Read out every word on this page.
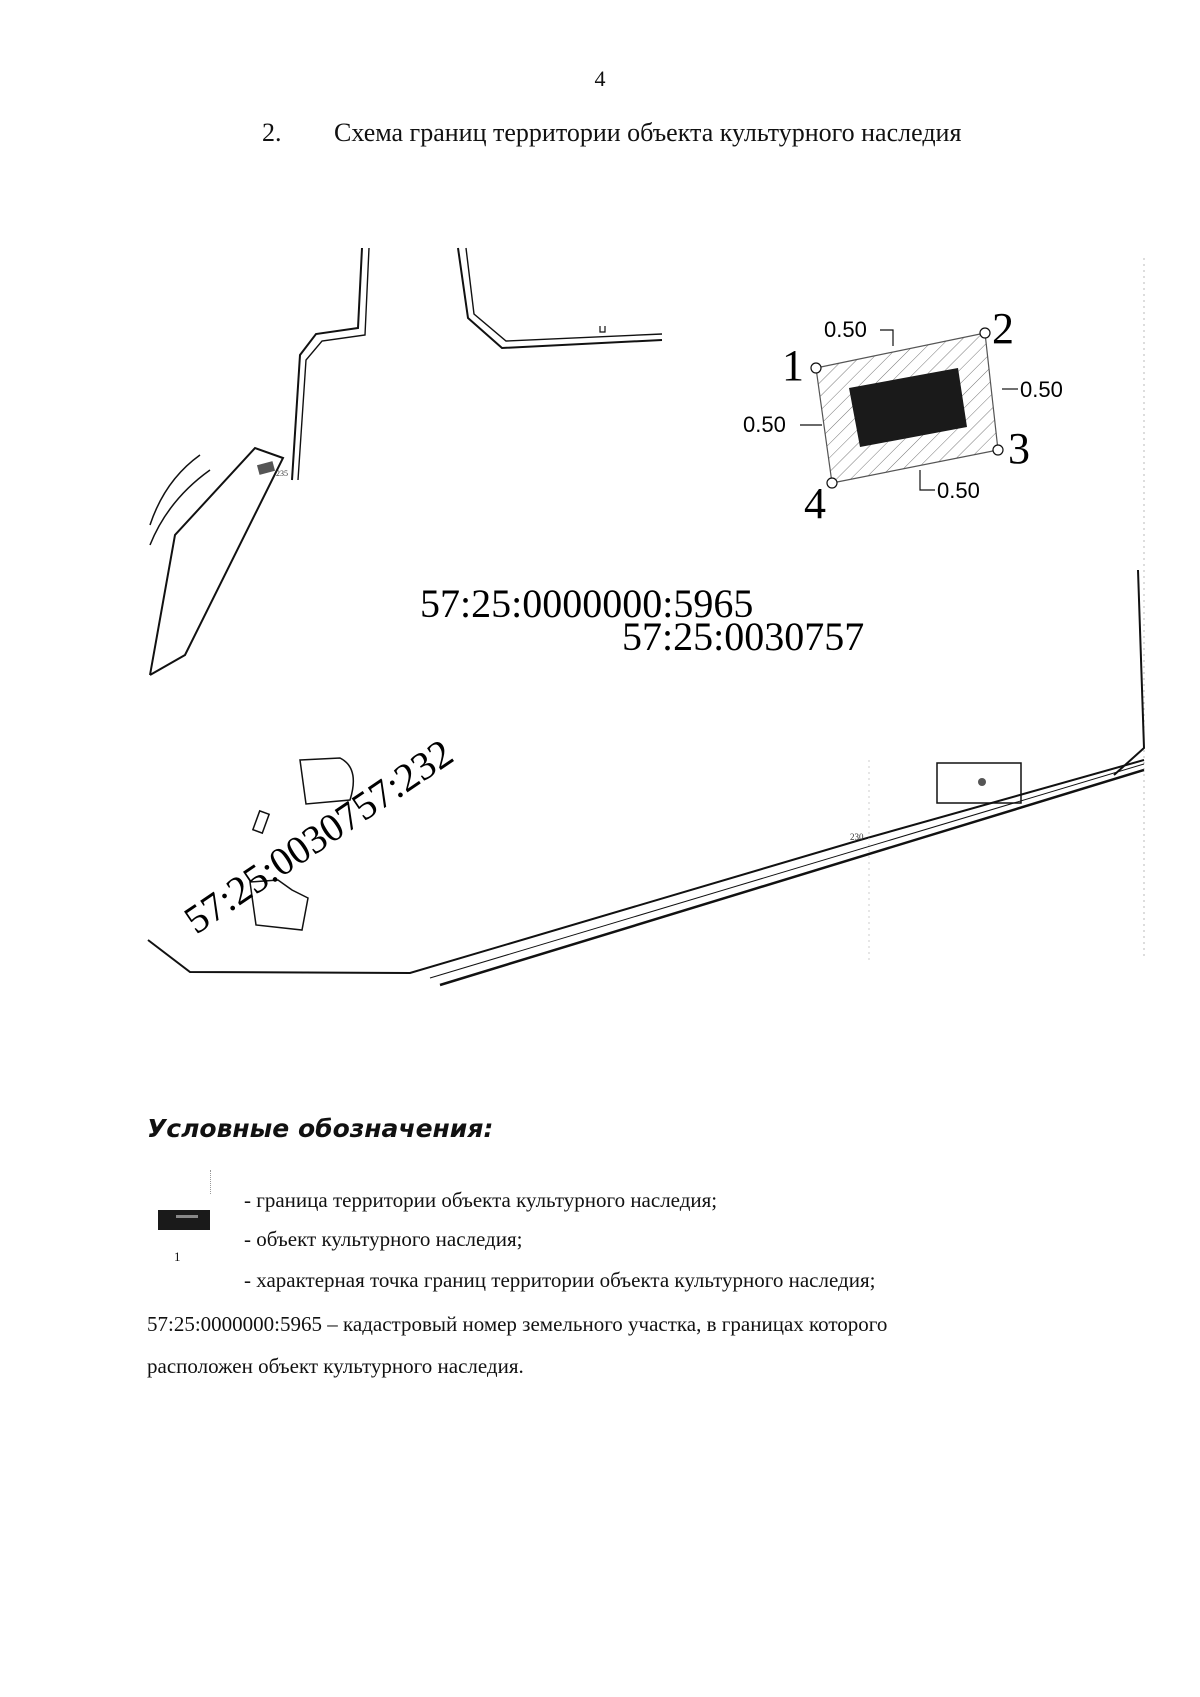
4
2. Схема границ территории объекта культурного наследия
235
230
1
2
3
4
0.50
0.50
0.50
0.50
57:25:0000000:5965
57:25:0030757
57:25:0030757:232
Условные обозначения:
1
- граница территории объекта культурного наследия;
- объект культурного наследия;
- характерная точка границ территории объекта культурного наследия;
57:25:0000000:5965 – кадастровый номер земельного участка, в границах которого
расположен объект культурного наследия.
